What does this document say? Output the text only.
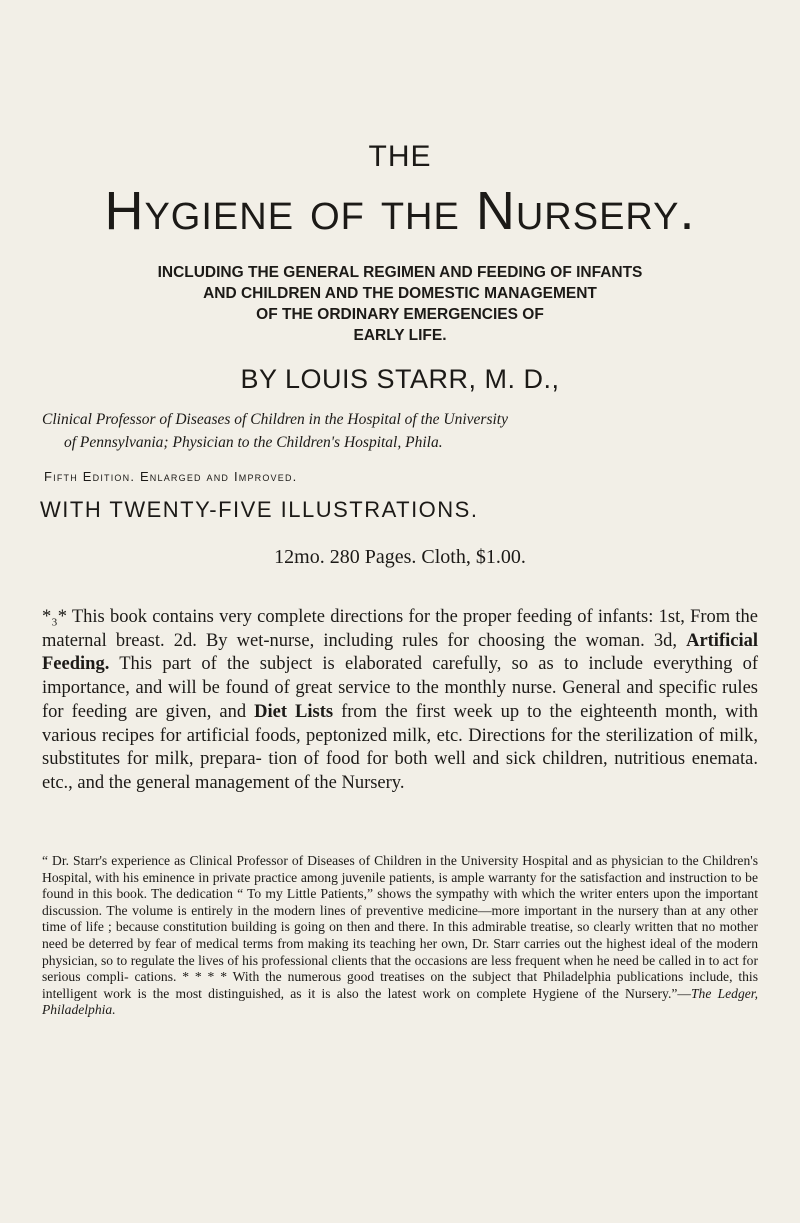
THE
Hygiene of the Nursery.
INCLUDING THE GENERAL REGIMEN AND FEEDING OF INFANTS
AND CHILDREN AND THE DOMESTIC MANAGEMENT
OF THE ORDINARY EMERGENCIES OF
EARLY LIFE.
BY LOUIS STARR, M. D.,
Clinical Professor of Diseases of Children in the Hospital of the University
of Pennsylvania; Physician to the Children's Hospital, Phila.
Fifth Edition. Enlarged and Improved.
WITH TWENTY-FIVE ILLUSTRATIONS.
12mo. 280 Pages. Cloth, $1.00.
*₃* This book contains very complete directions for the proper feeding of infants: 1st, From the maternal breast. 2d. By wet-nurse, including rules for choosing the woman. 3d, Artificial Feeding. This part of the subject is elaborated carefully, so as to include everything of importance, and will be found of great service to the monthly nurse. General and specific rules for feeding are given, and Diet Lists from the first week up to the eighteenth month, with various recipes for artificial foods, peptonized milk, etc. Directions for the sterilization of milk, substitutes for milk, prepara- tion of food for both well and sick children, nutritious enemata. etc., and the general management of the Nursery.
“ Dr. Starr's experience as Clinical Professor of Diseases of Children in the University Hospital and as physician to the Children's Hospital, with his eminence in private practice among juvenile patients, is ample warranty for the satisfaction and instruction to be found in this book. The dedication “ To my Little Patients,” shows the sympathy with which the writer enters upon the important discussion. The volume is entirely in the modern lines of preventive medicine—more important in the nursery than at any other time of life ; because constitution building is going on then and there. In this admirable treatise, so clearly written that no mother need be deterred by fear of medical terms from making its teaching her own, Dr. Starr carries out the highest ideal of the modern physician, so to regulate the lives of his professional clients that the occasions are less frequent when he need be called in to act for serious compli- cations. * * * * With the numerous good treatises on the subject that Philadelphia publications include, this intelligent work is the most distinguished, as it is also the latest work on complete Hygiene of the Nursery.”—The Ledger, Philadelphia.
